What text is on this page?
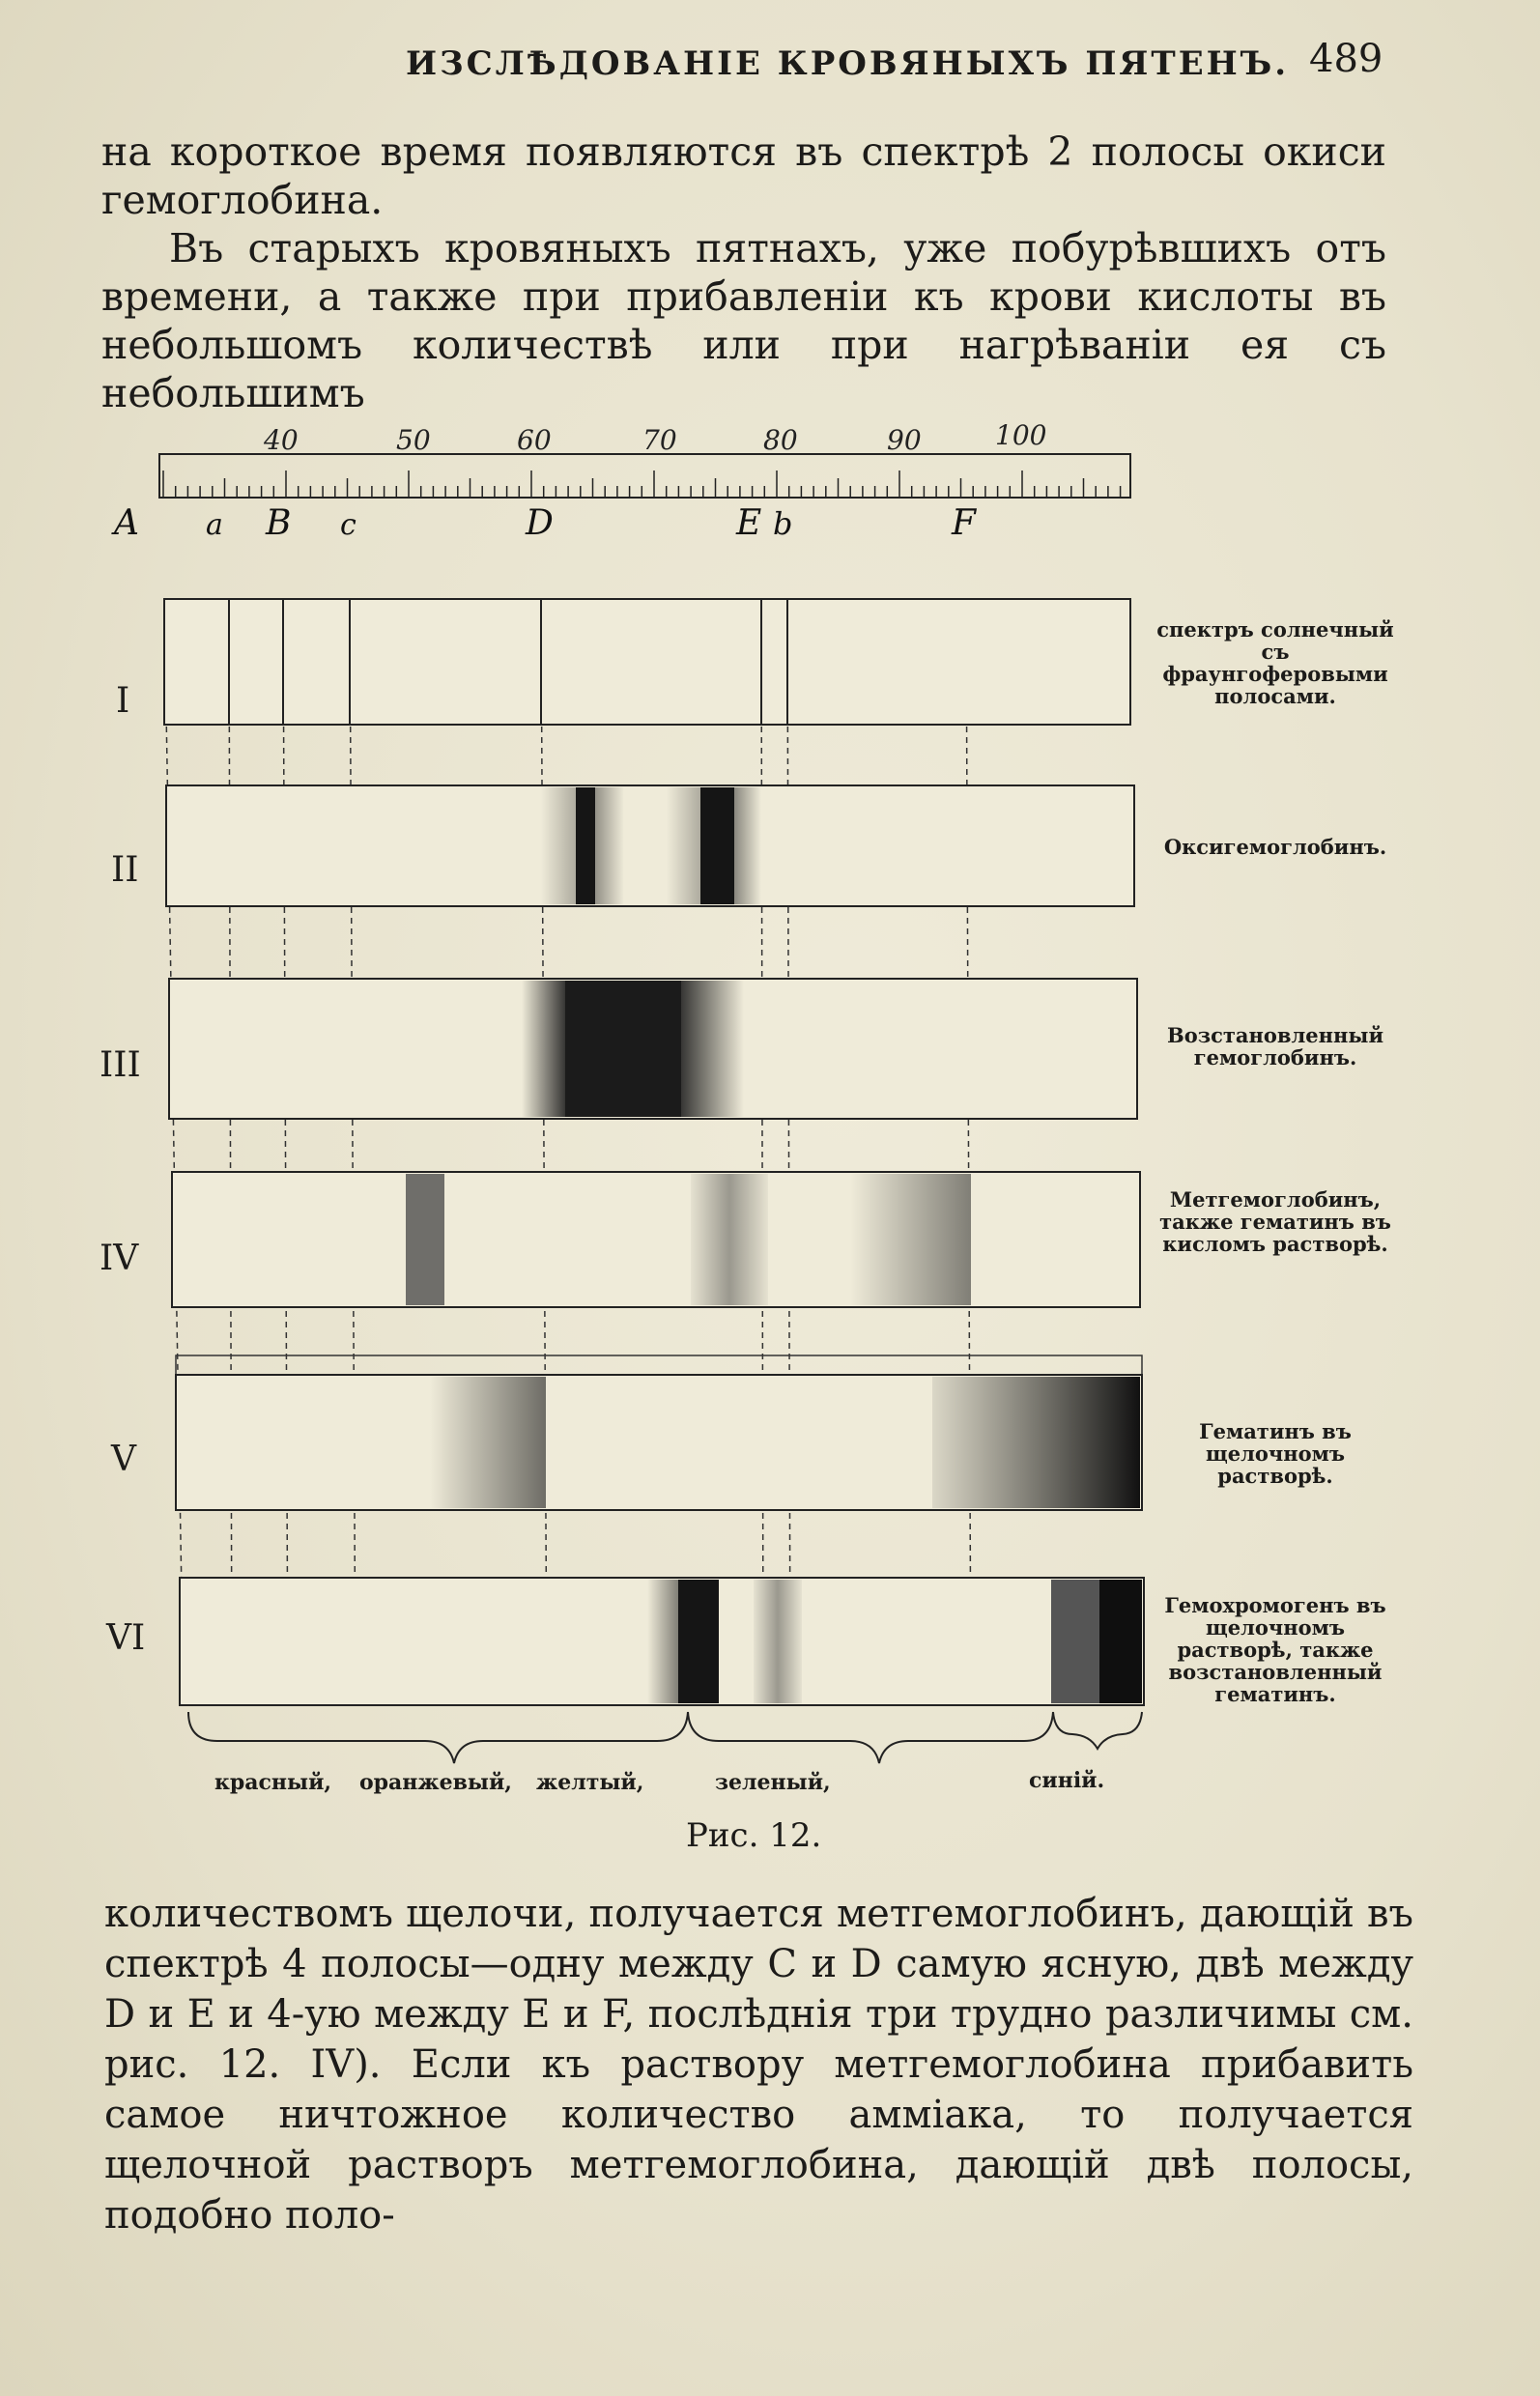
ИЗСЛѢДОВАНІЕ КРОВЯНЫХЪ ПЯТЕНЪ. 489

на короткое время появляются въ спектрѣ 2 полосы окиси гемоглобина.

Въ старыхъ кровяныхъ пятнахъ, уже побурѣвшихъ отъ времени, а также при прибавленіи къ крови кислоты въ небольшомъ количествѣ или при нагрѣваніи ея съ небольшимъ

40	50	60	70	80	90	100
A a B c	D	E b	F
I
II
III
IV
V
VI
спектръ солнечный съ фраунгоферовыми полосами.
Оксигемоглобинъ.
Возстановленный гемоглобинъ.
Метгемоглобинъ, также гематинъ въ кисломъ растворѣ.
Гематинъ въ щелочномъ растворѣ.
Гемохромогенъ въ щелочномъ растворѣ, также возстановленный гематинъ.
красный, оранжевый, желтый,	зеленый,	синій.
Рис. 12.

количествомъ щелочи, получается метгемоглобинъ, дающій въ спектрѣ 4 полосы—одну между С и D самую ясную, двѣ между D и Е и 4-ую между Е и F, послѣднія три трудно различимы см. рис. 12. IV). Если къ раствору метгемоглобина прибавить самое ничтожное количество аммiака, то получается щелочной растворъ метгемоглобина, дающій двѣ полосы, подобно поло-
